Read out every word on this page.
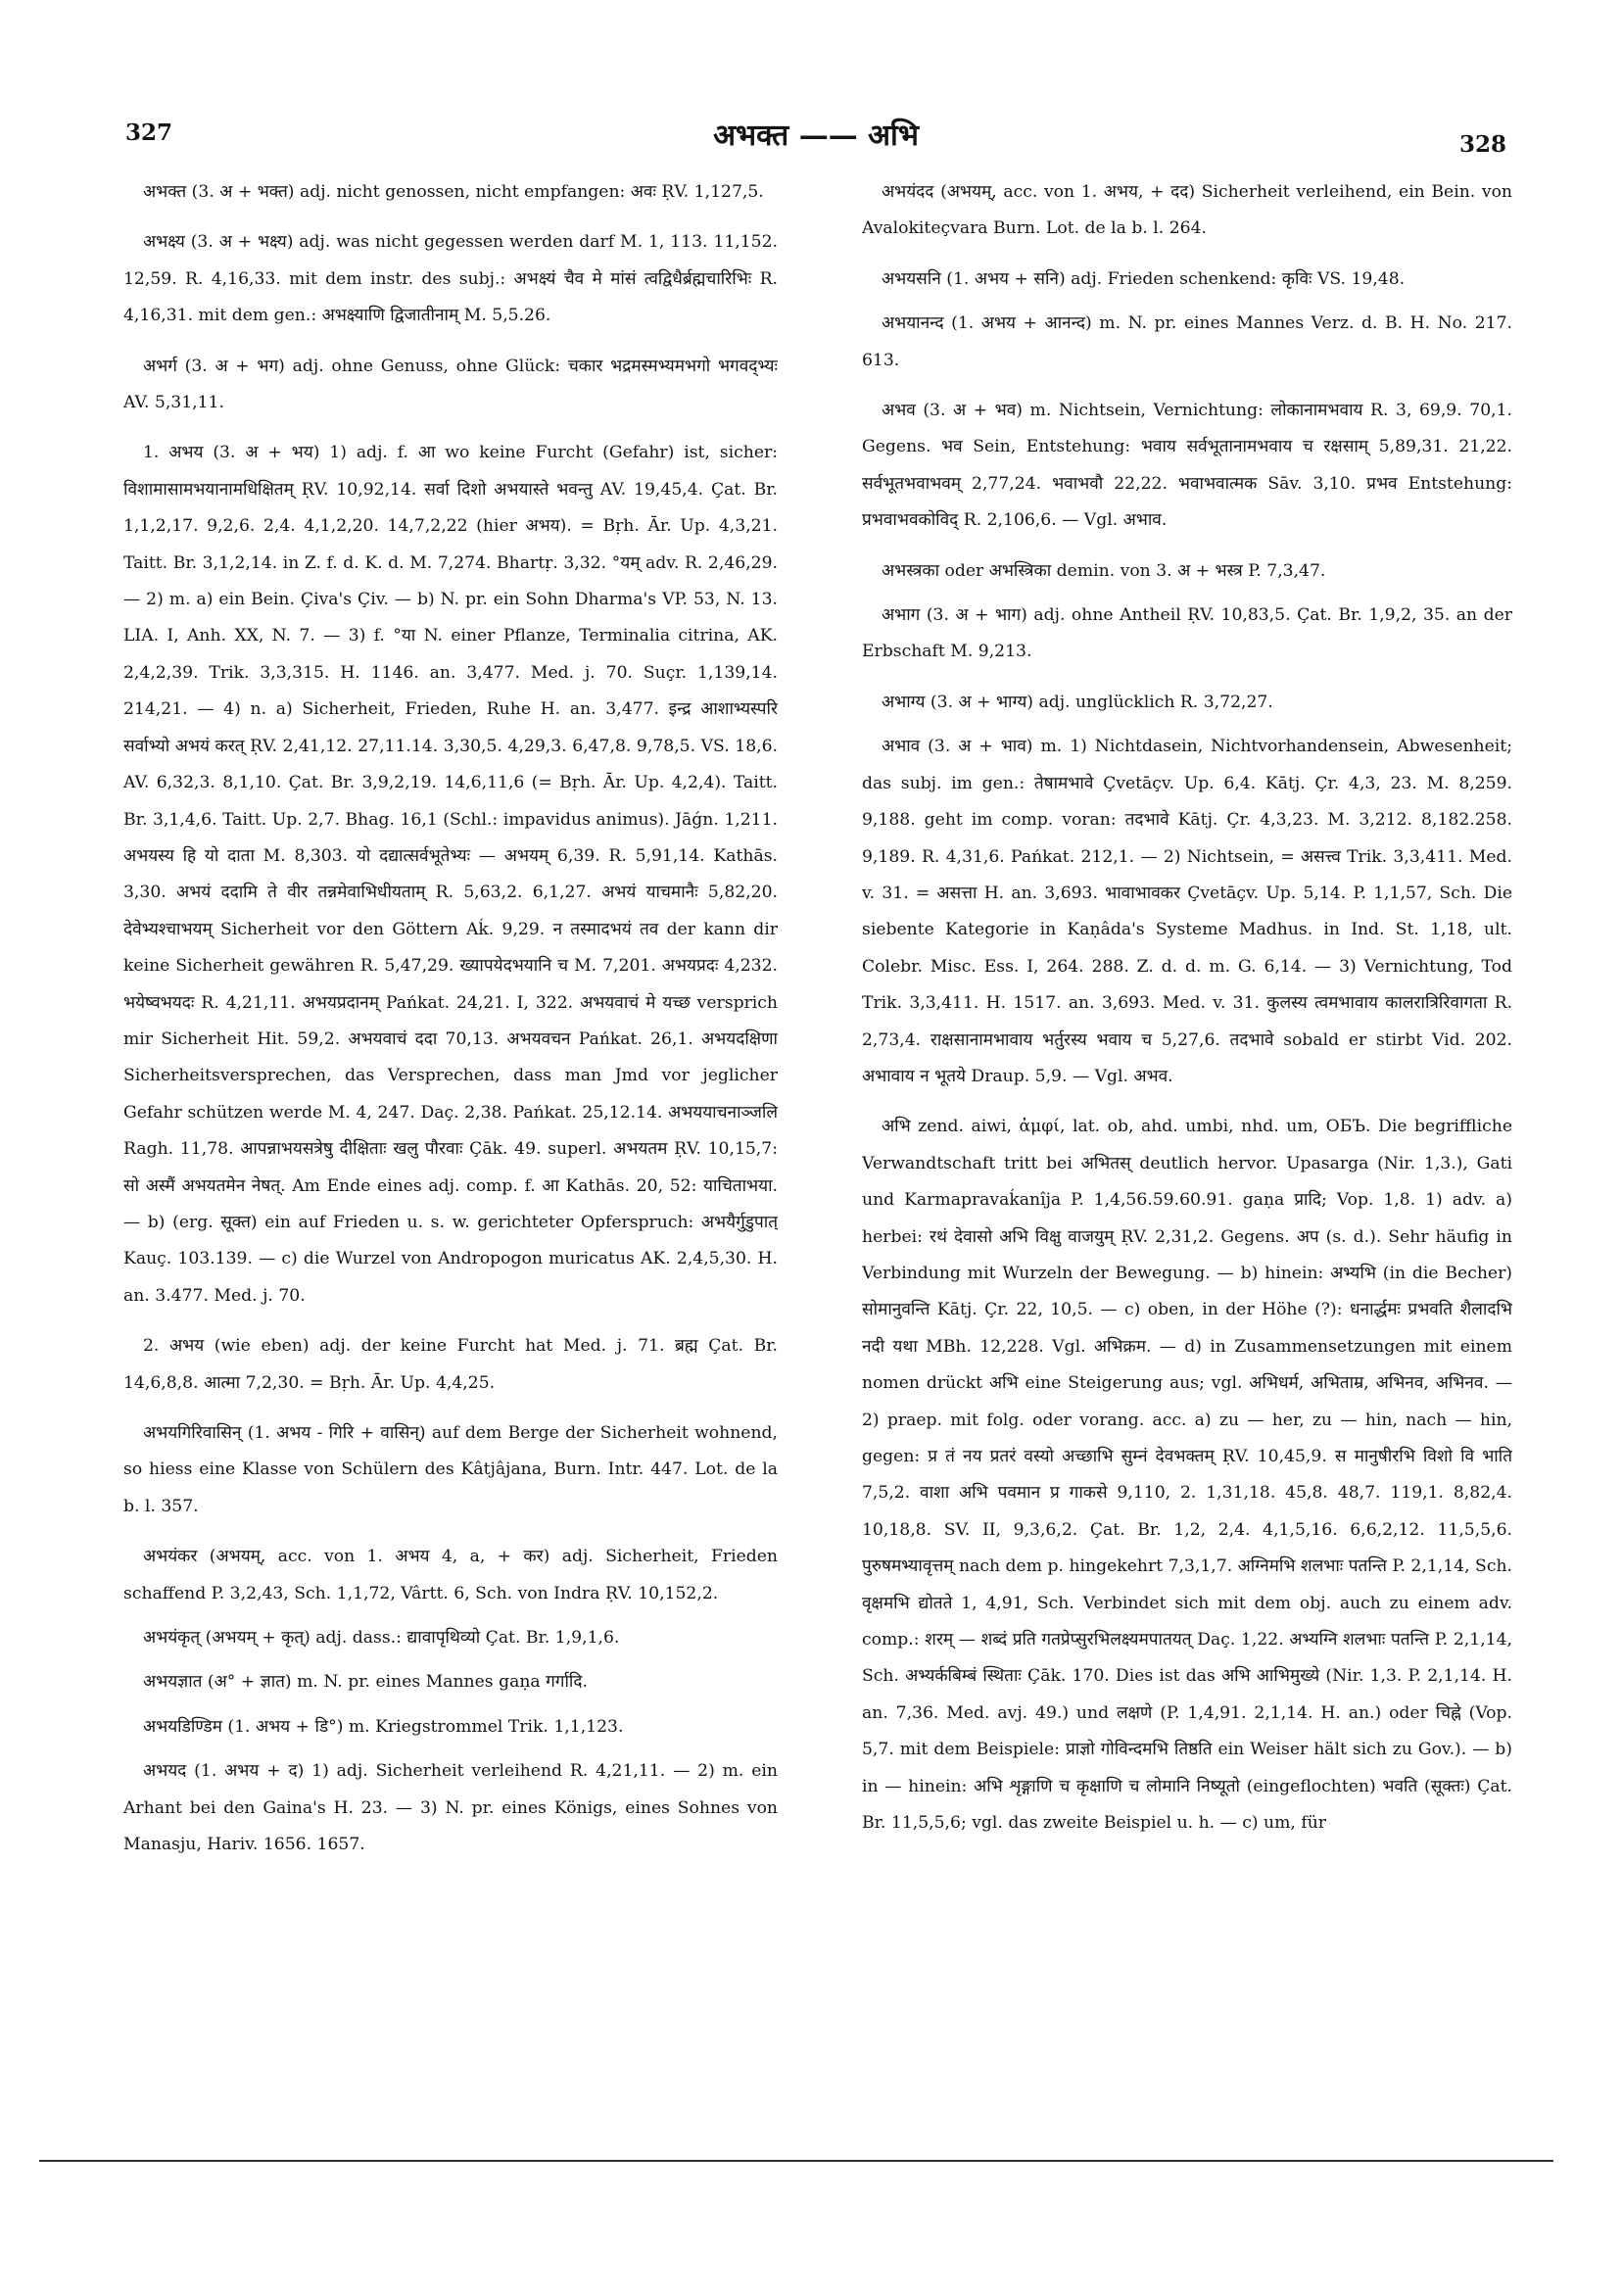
327	अभक्त —— अभि	328

अभक्त (3. अ + भक्त) adj. nicht genossen, nicht empfangen: अवः ṚV. 1,127,5.

अभक्ष्य (3. अ + भक्ष्य) adj. was nicht gegessen werden darf M. 1, 113. 11,152. 12,59. R. 4,16,33. mit dem instr. des subj.: अभक्ष्यं चैव मे मांसं त्वद्विधैर्ब्रह्मचारिभिः R. 4,16,31. mit dem gen.: अभक्ष्याणि द्विजातीनाम् M. 5,5.26.

अभर्ग (3. अ + भग) adj. ohne Genuss, ohne Glück: चकार भद्रमस्मभ्यमभगो भगवद्भ्यः AV. 5,31,11.

1. अभय (3. अ + भय) 1) adj. f. आ wo keine Furcht (Gefahr) ist, sicher: विशामासामभयानामधिक्षितम् ṚV. 10,92,14. सर्वा दिशो अभयास्ते भवन्तु AV. 19,45,4. Çat. Br. 1,1,2,17. 9,2,6. 2,4. 4,1,2,20. 14,7,2,22 (hier अभय). = Bṛh. Ār. Up. 4,3,21. Taitt. Br. 3,1,2,14. in Z. f. d. K. d. M. 7,274. Bhartṛ. 3,32. °यम् adv. R. 2,46,29. — 2) m. a) ein Bein. Çiva's Çiv. — b) N. pr. ein Sohn Dharma's VP. 53, N. 13. LIA. I, Anh. XX, N. 7. — 3) f. °या N. einer Pflanze, Terminalia citrina, AK. 2,4,2,39. Trik. 3,3,315. H. 1146. an. 3,477. Med. j. 70. Suçr. 1,139,14. 214,21. — 4) n. a) Sicherheit, Frieden, Ruhe H. an. 3,477. इन्द्र आशाभ्यस्परि सर्वाभ्यो अभयं करत् ṚV. 2,41,12. 27,11.14. 3,30,5. 4,29,3. 6,47,8. 9,78,5. VS. 18,6. AV. 6,32,3. 8,1,10. Çat. Br. 3,9,2,19. 14,6,11,6 (= Bṛh. Ār. Up. 4,2,4). Taitt. Br. 3,1,4,6. Taitt. Up. 2,7. Bhag. 16,1 (Schl.: impavidus animus). Jāǵn. 1,211. अभयस्य हि यो दाता M. 8,303. यो दद्यात्सर्वभूतेभ्यः — अभयम् 6,39. R. 5,91,14. Kathās. 3,30. अभयं ददामि ते वीर तन्नमेवाभिधीयताम् R. 5,63,2. 6,1,27. अभयं याचमानैः 5,82,20. देवेभ्यश्चाभयम् Sicherheit vor den Göttern Aḱ. 9,29. न तस्मादभयं तव der kann dir keine Sicherheit gewähren R. 5,47,29. ख्यापयेदभयानि च M. 7,201. अभयप्रदः 4,232. भयेष्वभयदः R. 4,21,11. अभयप्रदानम् Pańkat. 24,21. I, 322. अभयवाचं मे यच्छ versprich mir Sicherheit Hit. 59,2. अभयवाचं ददा 70,13. अभयवचन Pańkat. 26,1. अभयदक्षिणा Sicherheitsversprechen, das Versprechen, dass man Jmd vor jeglicher Gefahr schützen werde M. 4, 247. Daç. 2,38. Pańkat. 25,12.14. अभययाचनाञ्जलि Ragh. 11,78. आपन्नाभयसत्रेषु दीक्षिताः खलु पौरवाः Çāk. 49. superl. अभयतम ṚV. 10,15,7: सो अस्मैं अभयतमेन नेषत्. Am Ende eines adj. comp. f. आ Kathās. 20, 52: याचिताभया. — b) (erg. सूक्त) ein auf Frieden u. s. w. gerichteter Opferspruch: अभयैर्गुडुपात् Kauç. 103.139. — c) die Wurzel von Andropogon muricatus AK. 2,4,5,30. H. an. 3.477. Med. j. 70.

2. अभय (wie eben) adj. der keine Furcht hat Med. j. 71. ब्रह्म Çat. Br. 14,6,8,8. आत्मा 7,2,30. = Bṛh. Ār. Up. 4,4,25.

अभयगिरिवासिन् (1. अभय - गिरि + वासिन्) auf dem Berge der Sicherheit wohnend, so hiess eine Klasse von Schülern des Kâtjâjana, Burn. Intr. 447. Lot. de la b. l. 357.

अभयंकर (अभयम्, acc. von 1. अभय 4, a, + कर) adj. Sicherheit, Frieden schaffend P. 3,2,43, Sch. 1,1,72, Vârtt. 6, Sch. von Indra ṚV. 10,152,2.

अभयंकृत् (अभयम् + कृत्) adj. dass.: द्यावापृथिव्यो Çat. Br. 1,9,1,6.

अभयज्ञात (अ° + ज्ञात) m. N. pr. eines Mannes gaṇa गर्गादि.

अभयडिण्डिम (1. अभय + डि°) m. Kriegstrommel Trik. 1,1,123.

अभयद (1. अभय + द) 1) adj. Sicherheit verleihend R. 4,21,11. — 2) m. ein Arhant bei den Gaina's H. 23. — 3) N. pr. eines Königs, eines Sohnes von Manasju, Hariv. 1656. 1657.

अभयंदद (अभयम्, acc. von 1. अभय, + दद) Sicherheit verleihend, ein Bein. von Avalokiteçvara Burn. Lot. de la b. l. 264.

अभयसनि (1. अभय + सनि) adj. Frieden schenkend: कृविः VS. 19,48.

अभयानन्द (1. अभय + आनन्द) m. N. pr. eines Mannes Verz. d. B. H. No. 217. 613.

अभव (3. अ + भव) m. Nichtsein, Vernichtung: लोकानामभवाय R. 3, 69,9. 70,1. Gegens. भव Sein, Entstehung: भवाय सर्वभूतानामभवाय च रक्षसाम् 5,89,31. 21,22. सर्वभूतभवाभवम् 2,77,24. भवाभवौ 22,22. भवाभवात्मक Sāv. 3,10. प्रभव Entstehung: प्रभवाभवकोविद् R. 2,106,6. — Vgl. अभाव.

अभस्त्रका oder अभस्त्रिका demin. von 3. अ + भस्त्र P. 7,3,47.

अभाग (3. अ + भाग) adj. ohne Antheil ṚV. 10,83,5. Çat. Br. 1,9,2, 35. an der Erbschaft M. 9,213.

अभाग्य (3. अ + भाग्य) adj. unglücklich R. 3,72,27.

अभाव (3. अ + भाव) m. 1) Nichtdasein, Nichtvorhandensein, Abwesenheit; das subj. im gen.: तेषामभावे Çvetāçv. Up. 6,4. Kātj. Çr. 4,3, 23. M. 8,259. 9,188. geht im comp. voran: तदभावे Kātj. Çr. 4,3,23. M. 3,212. 8,182.258. 9,189. R. 4,31,6. Pańkat. 212,1. — 2) Nichtsein, = असत्त्व Trik. 3,3,411. Med. v. 31. = असत्ता H. an. 3,693. भावाभावकर Çvetāçv. Up. 5,14. P. 1,1,57, Sch. Die siebente Kategorie in Kaṇâda's Systeme Madhus. in Ind. St. 1,18, ult. Colebr. Misc. Ess. I, 264. 288. Z. d. d. m. G. 6,14. — 3) Vernichtung, Tod Trik. 3,3,411. H. 1517. an. 3,693. Med. v. 31. कुलस्य त्वमभावाय कालरात्रिरिवागता R. 2,73,4. राक्षसानामभावाय भर्तुरस्य भवाय च 5,27,6. तदभावे sobald er stirbt Vid. 202. अभावाय न भूतये Draup. 5,9. — Vgl. अभव.

अभि zend. aiwi, ἀμφί, lat. ob, ahd. umbi, nhd. um, ОБЪ. Die begriffliche Verwandtschaft tritt bei अभितस् deutlich hervor. Upasarga (Nir. 1,3.), Gati und Karmapravaḱanîja P. 1,4,56.59.60.91. gaṇa प्रादि; Vop. 1,8. 1) adv. a) herbei: रथं देवासो अभि विक्षु वाजयुम् ṚV. 2,31,2. Gegens. अप (s. d.). Sehr häufig in Verbindung mit Wurzeln der Bewegung. — b) hinein: अभ्यभि (in die Becher) सोमानुवन्ति Kātj. Çr. 22, 10,5. — c) oben, in der Höhe (?): धनार्द्धमः प्रभवति शैलादभि नदी यथा MBh. 12,228. Vgl. अभिक्रम. — d) in Zusammensetzungen mit einem nomen drückt अभि eine Steigerung aus; vgl. अभिधर्म, अभिताम्र, अभिनव, अभिनव. — 2) praep. mit folg. oder vorang. acc. a) zu — her, zu — hin, nach — hin, gegen: प्र तं नय प्रतरं वस्यो अच्छाभि सुम्नं देवभक्तम् ṚV. 10,45,9. स मानुषीरभि विशो वि भाति 7,5,2. वाशा अभि पवमान प्र गाकसे 9,110, 2. 1,31,18. 45,8. 48,7. 119,1. 8,82,4. 10,18,8. SV. II, 9,3,6,2. Çat. Br. 1,2, 2,4. 4,1,5,16. 6,6,2,12. 11,5,5,6. पुरुषमभ्यावृत्तम् nach dem p. hingekehrt 7,3,1,7. अग्निमभि शलभाः पतन्ति P. 2,1,14, Sch. वृक्षमभि द्योतते 1, 4,91, Sch. Verbindet sich mit dem obj. auch zu einem adv. comp.: शरम् — शब्दं प्रति गतप्रेप्सुरभिलक्ष्यमपातयत् Daç. 1,22. अभ्यग्नि शलभाः पतन्ति P. 2,1,14, Sch. अभ्यर्कबिम्बं स्थिताः Çāk. 170. Dies ist das अभि आभिमुख्ये (Nir. 1,3. P. 2,1,14. H. an. 7,36. Med. avj. 49.) und लक्षणे (P. 1,4,91. 2,1,14. H. an.) oder चिह्ने (Vop. 5,7. mit dem Beispiele: प्राज्ञो गोविन्दमभि तिष्ठति ein Weiser hält sich zu Gov.). — b) in — hinein: अभि शृङ्गाणि च कृक्षाणि च लोमानि निष्यूतो (eingeflochten) भवति (सूक्तः) Çat. Br. 11,5,5,6; vgl. das zweite Beispiel u. h. — c) um, für
